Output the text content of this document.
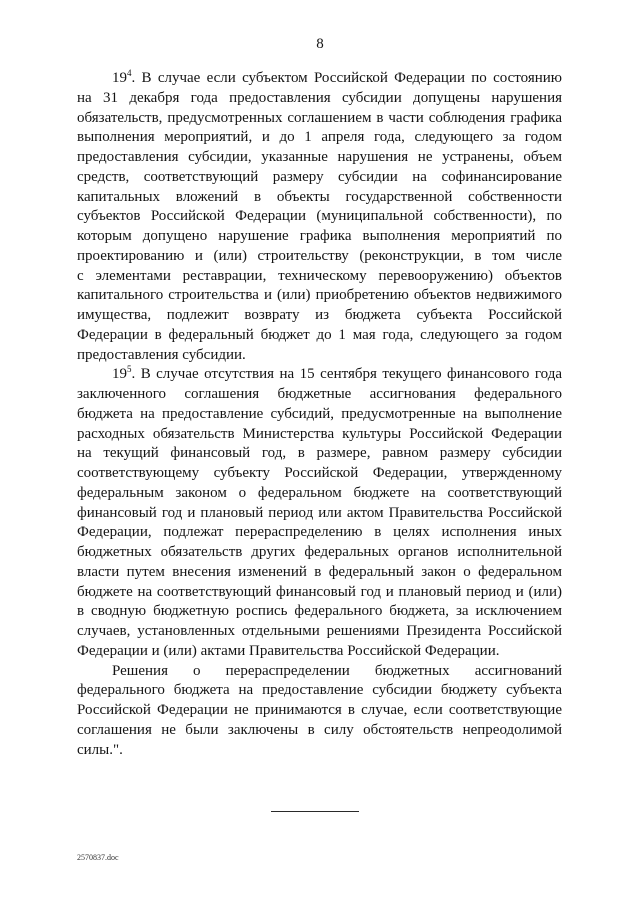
8
$19^4$. В случае если субъектом Российской Федерации по состоянию
на 31 декабря года предоставления субсидии допущены нарушения
обязательств, предусмотренных соглашением в части соблюдения графика
выполнения мероприятий, и до 1 апреля года, следующего за годом
предоставления субсидии, указанные нарушения не устранены, объем
средств, соответствующий размеру субсидии на софинансирование
капитальных вложений в объекты государственной собственности
субъектов Российской Федерации (муниципальной собственности), по
которым допущено нарушение графика выполнения мероприятий по
проектированию и (или) строительству (реконструкции, в том числе
с элементами реставрации, техническому перевооружению) объектов
капитального строительства и (или) приобретению объектов недвижимого
имущества, подлежит возврату из бюджета субъекта Российской
Федерации в федеральный бюджет до 1 мая года, следующего за годом
предоставления субсидии.
$19^5$. В случае отсутствия на 15 сентября текущего финансового года
заключенного соглашения бюджетные ассигнования федерального
бюджета на предоставление субсидий, предусмотренные на выполнение
расходных обязательств Министерства культуры Российской Федерации
на текущий финансовый год, в размере, равном размеру субсидии
соответствующему субъекту Российской Федерации, утвержденному
федеральным законом о федеральном бюджете на соответствующий
финансовый год и плановый период или актом Правительства Российской
Федерации, подлежат перераспределению в целях исполнения иных
бюджетных обязательств других федеральных органов исполнительной
власти путем внесения изменений в федеральный закон о федеральном
бюджете на соответствующий финансовый год и плановый период и (или)
в сводную бюджетную роспись федерального бюджета, за исключением
случаев, установленных отдельными решениями Президента Российской
Федерации и (или) актами Правительства Российской Федерации.
Решения о перераспределении бюджетных ассигнований
федерального бюджета на предоставление субсидии бюджету субъекта
Российской Федерации не принимаются в случае, если соответствующие
соглашения не были заключены в силу обстоятельств непреодолимой
силы.".
2570837.doc
